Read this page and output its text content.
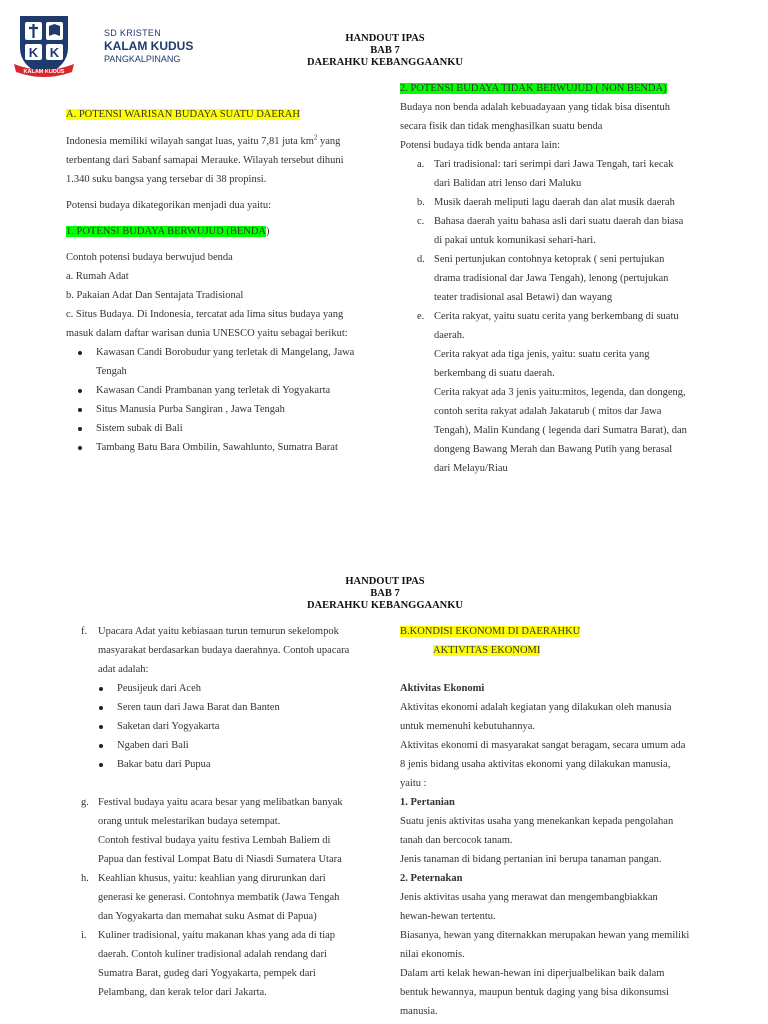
K K
KALAM KUDUS
SD KRISTEN
KALAM KUDUS
PANGKALPINANG
HANDOUT IPAS
BAB 7
DAERAHKU KEBANGGAANKU
A. POTENSI WARISAN BUDAYA SUATU DAERAH
Indonesia memiliki wilayah sangat luas, yaitu 7,81 juta $km^2$ yang
terbentang dari Sabanf samapai Merauke. Wilayah tersebut dihuni
1.340 suku bangsa yang tersebar di 38 propinsi.
Potensi budaya dikategorikan menjadi dua yaitu:
1. POTENSI BUDAYA BERWUJUD (BENDA)
Contoh potensi budaya berwujud benda
a. Rumah Adat
b. Pakaian Adat Dan Sentajata Tradisional
c. Situs Budaya. Di Indonesia, tercatat ada lima situs budaya yang
masuk dalam daftar warisan dunia UNESCO yaitu sebagai berikut:
Kawasan Candi Borobudur yang terletak di Mangelang, Jawa
Tengah
Kawasan Candi Prambanan yang terletak di Yogyakarta
Situs Manusia Purba Sangiran , Jawa Tengah
Sistem subak di Bali
Tambang Batu Bara Ombilin, Sawahlunto, Sumatra Barat
2. POTENSI BUDAYA TIDAK BERWUJUD ( NON BENDA)
Budaya non benda adalah kebuadayaan yang tidak bisa disentuh
secara fisik dan tidak menghasilkan suatu benda
Potensi budaya tidk benda antara lain:
a. Tari tradisional: tari serimpi dari Jawa Tengah, tari kecak
dari Balidan atri lenso dari Maluku
b. Musik daerah meliputi lagu daerah dan alat musik daerah
c. Bahasa daerah yaitu bahasa asli dari suatu daerah dan biasa
di pakai untuk komunikasi sehari-hari.
d. Seni pertunjukan contohnya ketoprak ( seni pertujukan
drama tradisional dar Jawa Tengah), lenong (pertujukan
teater tradisional asal Betawi) dan wayang
e. Cerita rakyat, yaitu suatu cerita yang berkembang di suatu
daerah.
Cerita rakyat ada tiga jenis, yaitu: suatu cerita yang
berkembang di suatu daerah.
Cerita rakyat ada 3 jenis yaitu:mitos, legenda, dan dongeng,
contoh serita rakyat adalah Jakatarub ( mitos dar Jawa
Tengah), Malin Kundang ( legenda dari Sumatra Barat), dan
dongeng Bawang Merah dan Bawang Putih yang berasal
dari Melayu/Riau
HANDOUT IPAS
BAB 7
DAERAHKU KEBANGGAANKU
f. Upacara Adat yaitu kebiasaan turun temurun sekelompok
masyarakat berdasarkan budaya daerahnya. Contoh upacara
adat adalah:
Peusijeuk dari Aceh
Seren taun dari Jawa Barat dan Banten
Saketan dari Yogyakarta
Ngaben dari Bali
Bakar batu dari Pupua
g. Festival budaya yaitu acara besar yang melibatkan banyak
orang untuk melestarikan budaya setempat.
Contoh festival budaya yaitu festiva Lembah Baliem di
Papua dan festival Lompat Batu di Niasdi Sumatera Utara
h. Keahlian khusus, yaitu: keahlian yang dirurunkan dari
generasi ke generasi. Contohnya membatik (Jawa Tengah
dan Yogyakarta dan memahat suku Asmat di Papua)
i. Kuliner tradisional, yaitu makanan khas yang ada di tiap
daerah. Contoh kuliner tradisional adalah rendang dari
Sumatra Barat, gudeg dari Yogyakarta, pempek dari
Pelambang, dan kerak telor dari Jakarta.
B.KONDISI EKONOMI DI DAERAHKU
AKTIVITAS EKONOMI
Aktivitas Ekonomi
Aktivitas ekonomi adalah kegiatan yang dilakukan oleh manusia
untuk memenuhi kebutuhannya.
Aktivitas ekonomi di masyarakat sangat beragam, secara umum ada
8 jenis bidang usaha aktivitas ekonomi yang dilakukan manusia,
yaitu :
1. Pertanian
Suatu jenis aktivitas usaha yang menekankan kepada pengolahan
tanah dan bercocok tanam.
Jenis tanaman di bidang pertanian ini berupa tanaman pangan.
2. Peternakan
Jenis aktivitas usaha yang merawat dan mengembangbiakkan
hewan-hewan tertentu.
Biasanya, hewan yang diternakkan merupakan hewan yang memiliki
nilai ekonomis.
Dalam arti kelak hewan-hewan ini diperjualbelikan baik dalam
bentuk hewannya, maupun bentuk daging yang bisa dikonsumsi
manusia.
